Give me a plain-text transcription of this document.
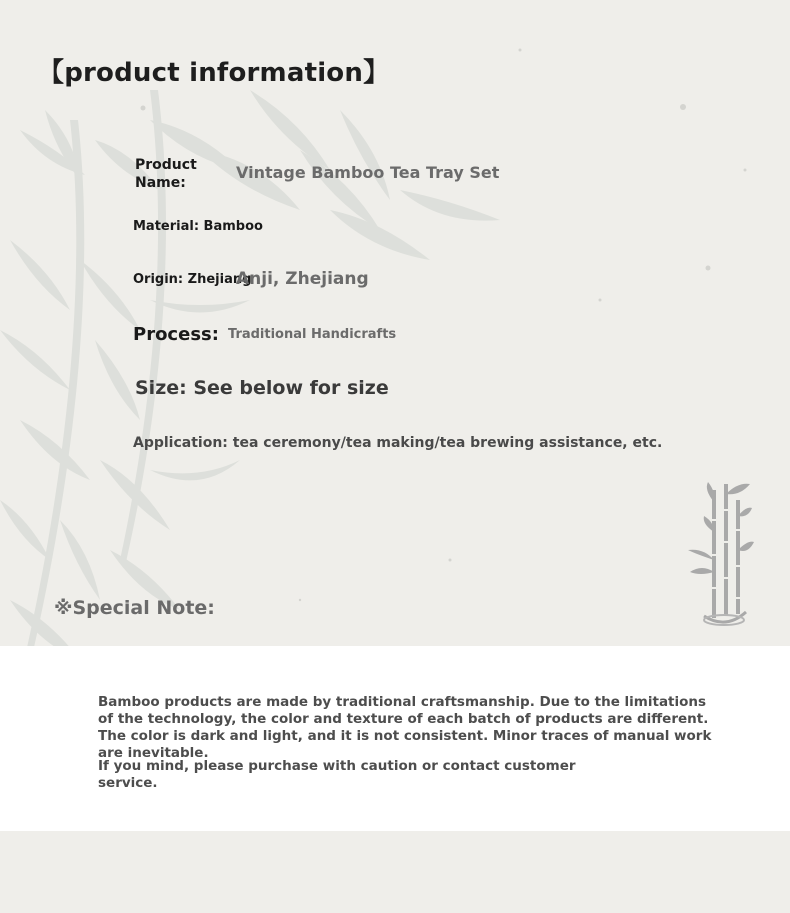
【product information】
Product
Name:
Vintage Bamboo Tea Tray Set
Material: Bamboo
Origin: Zhejiang
Anji, Zhejiang
Process: Traditional Handicrafts
Size: See below for size
Application: tea ceremony/tea making/tea brewing assistance, etc.
※Special Note:
Bamboo products are made by traditional craftsmanship. Due to the limitations of the technology, the color and texture of each batch of products are different. The color is dark and light, and it is not consistent. Minor traces of manual work are inevitable.
If you mind, please purchase with caution or contact customer service.
